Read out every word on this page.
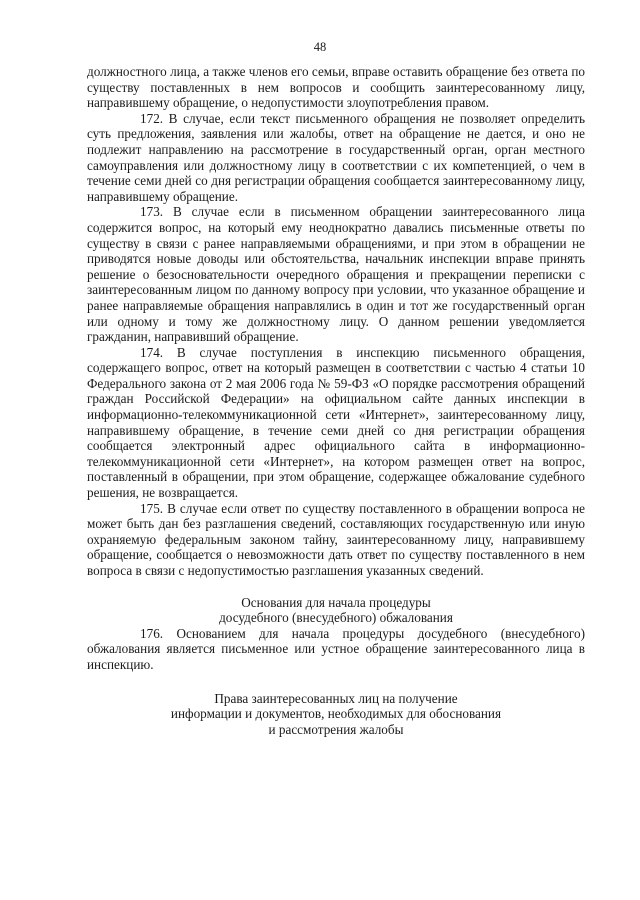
48

должностного лица, а также членов его семьи, вправе оставить обращение без ответа по существу поставленных в нем вопросов и сообщить заинтересованному лицу, направившему обращение, о недопустимости злоупотребления правом.

172. В случае, если текст письменного обращения не позволяет определить суть предложения, заявления или жалобы, ответ на обращение не дается, и оно не подлежит направлению на рассмотрение в государственный орган, орган местного самоуправления или должностному лицу в соответствии с их компетенцией, о чем в течение семи дней со дня регистрации обращения сообщается заинтересованному лицу, направившему обращение.

173. В случае если в письменном обращении заинтересованного лица содержится вопрос, на который ему неоднократно давались письменные ответы по существу в связи с ранее направляемыми обращениями, и при этом в обращении не приводятся новые доводы или обстоятельства, начальник инспекции вправе принять решение о безосновательности очередного обращения и прекращении переписки с заинтересованным лицом по данному вопросу при условии, что указанное обращение и ранее направляемые обращения направлялись в один и тот же государственный орган или одному и тому же должностному лицу. О данном решении уведомляется гражданин, направивший обращение.

174. В случае поступления в инспекцию письменного обращения, содержащего вопрос, ответ на который размещен в соответствии с частью 4 статьи 10 Федерального закона от 2 мая 2006 года № 59-ФЗ «О порядке рассмотрения обращений граждан Российской Федерации» на официальном сайте данных инспекции в информационно-телекоммуникационной сети «Интернет», заинтересованному лицу, направившему обращение, в течение семи дней со дня регистрации обращения сообщается электронный адрес официального сайта в информационно-телекоммуникационной сети «Интернет», на котором размещен ответ на вопрос, поставленный в обращении, при этом обращение, содержащее обжалование судебного решения, не возвращается.

175. В случае если ответ по существу поставленного в обращении вопроса не может быть дан без разглашения сведений, составляющих государственную или иную охраняемую федеральным законом тайну, заинтересованному лицу, направившему обращение, сообщается о невозможности дать ответ по существу поставленного в нем вопроса в связи с недопустимостью разглашения указанных сведений.

Основания для начала процедуры

досудебного (внесудебного) обжалования

176. Основанием для начала процедуры досудебного (внесудебного) обжалования является письменное или устное обращение заинтересованного лица в инспекцию.

Права заинтересованных лиц на получение

информации и документов, необходимых для обоснования

и рассмотрения жалобы
